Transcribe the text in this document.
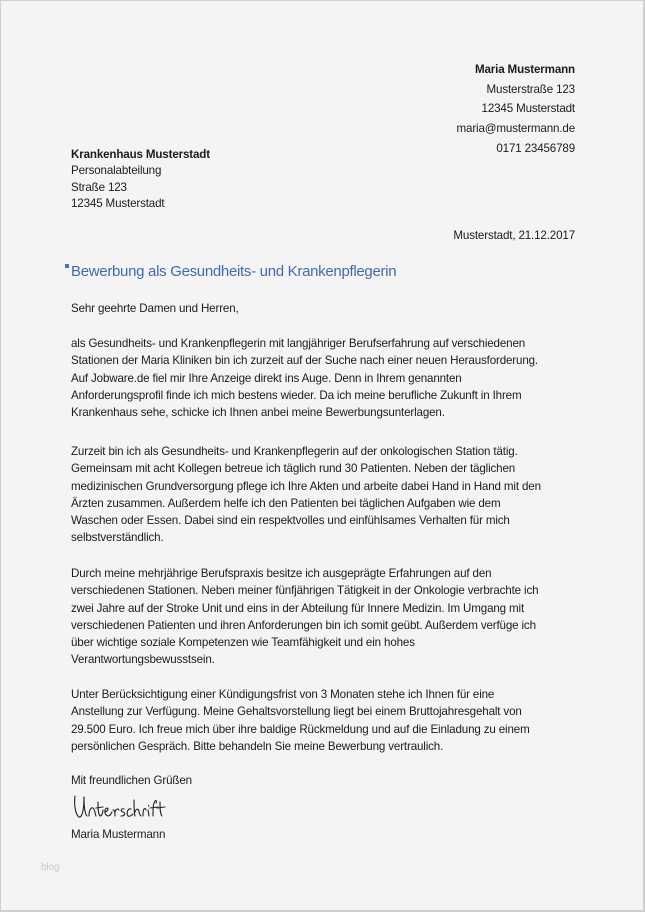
Maria Mustermann
Musterstraße 123
12345 Musterstadt
maria@mustermann.de
0171 23456789
Krankenhaus Musterstadt
Personalabteilung
Straße 123
12345 Musterstadt
Musterstadt, 21.12.2017
Bewerbung als Gesundheits- und Krankenpflegerin
Sehr geehrte Damen und Herren,
als Gesundheits- und Krankenpflegerin mit langjähriger Berufserfahrung auf verschiedenen
Stationen der Maria Kliniken bin ich zurzeit auf der Suche nach einer neuen Herausforderung.
Auf Jobware.de fiel mir Ihre Anzeige direkt ins Auge. Denn in Ihrem genannten
Anforderungsprofil finde ich mich bestens wieder. Da ich meine berufliche Zukunft in Ihrem
Krankenhaus sehe, schicke ich Ihnen anbei meine Bewerbungsunterlagen.
Zurzeit bin ich als Gesundheits- und Krankenpflegerin auf der onkologischen Station tätig.
Gemeinsam mit acht Kollegen betreue ich täglich rund 30 Patienten. Neben der täglichen
medizinischen Grundversorgung pflege ich Ihre Akten und arbeite dabei Hand in Hand mit den
Ärzten zusammen. Außerdem helfe ich den Patienten bei täglichen Aufgaben wie dem
Waschen oder Essen. Dabei sind ein respektvolles und einfühlsames Verhalten für mich
selbstverständlich.
Durch meine mehrjährige Berufspraxis besitze ich ausgeprägte Erfahrungen auf den
verschiedenen Stationen. Neben meiner fünfjährigen Tätigkeit in der Onkologie verbrachte ich
zwei Jahre auf der Stroke Unit und eins in der Abteilung für Innere Medizin. Im Umgang mit
verschiedenen Patienten und ihren Anforderungen bin ich somit geübt. Außerdem verfüge ich
über wichtige soziale Kompetenzen wie Teamfähigkeit und ein hohes
Verantwortungsbewusstsein.
Unter Berücksichtigung einer Kündigungsfrist von 3 Monaten stehe ich Ihnen für eine
Anstellung zur Verfügung. Meine Gehaltsvorstellung liegt bei einem Bruttojahresgehalt von
29.500 Euro. Ich freue mich über ihre baldige Rückmeldung und auf die Einladung zu einem
persönlichen Gespräch. Bitte behandeln Sie meine Bewerbung vertraulich.
Mit freundlichen Grüßen
Maria Mustermann
blog
